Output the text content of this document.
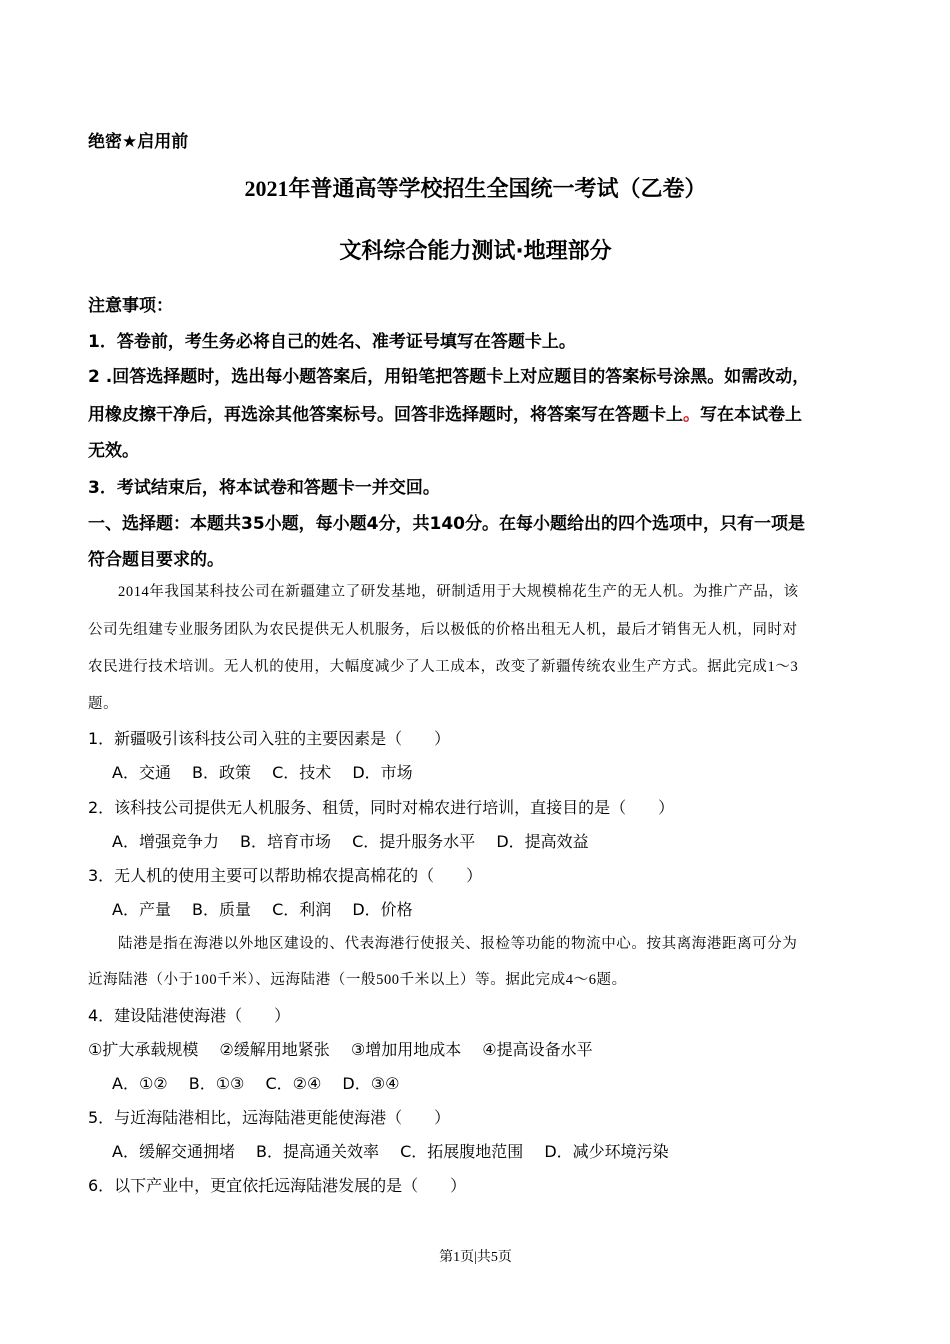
绝密★启用前
2021年普通高等学校招生全国统一考试（乙卷）
文科综合能力测试·地理部分
注意事项：
1．答卷前，考生务必将自己的姓名、准考证号填写在答题卡上。
2 .回答选择题时，选出每小题答案后，用铅笔把答题卡上对应题目的答案标号涂黑。如需改动，
用橡皮擦干净后，再选涂其他答案标号。回答非选择题时，将答案写在答题卡上。写在本试卷上
无效。
3．考试结束后，将本试卷和答题卡一并交回。
一、选择题：本题共35小题，每小题4分，共140分。在每小题给出的四个选项中，只有一项是
符合题目要求的。
2014年我国某科技公司在新疆建立了研发基地，研制适用于大规模棉花生产的无人机。为推广产品，该
公司先组建专业服务团队为农民提供无人机服务，后以极低的价格出租无人机，最后才销售无人机，同时对
农民进行技术培训。无人机的使用，大幅度减少了人工成本，改变了新疆传统农业生产方式。据此完成1～3
题。
1．新疆吸引该科技公司入驻的主要因素是（　　）
A．交通　 B．政策　 C．技术　 D．市场
2．该科技公司提供无人机服务、租赁，同时对棉农进行培训，直接目的是（　　）
A．增强竞争力　 B．培育市场　 C．提升服务水平　 D．提高效益
3．无人机的使用主要可以帮助棉农提高棉花的（　　）
A．产量　 B．质量　 C．利润　 D．价格
陆港是指在海港以外地区建设的、代表海港行使报关、报检等功能的物流中心。按其离海港距离可分为
近海陆港（小于100千米）、远海陆港（一般500千米以上）等。据此完成4～6题。
4．建设陆港使海港（　　）
①扩大承载规模　 ②缓解用地紧张　 ③增加用地成本　 ④提高设备水平
A．①②　 B．①③　 C．②④　 D．③④
5．与近海陆港相比，远海陆港更能使海港（　　）
A．缓解交通拥堵　 B．提高通关效率　 C．拓展腹地范围　 D．减少环境污染
6．以下产业中，更宜依托远海陆港发展的是（　　）
第1页|共5页
